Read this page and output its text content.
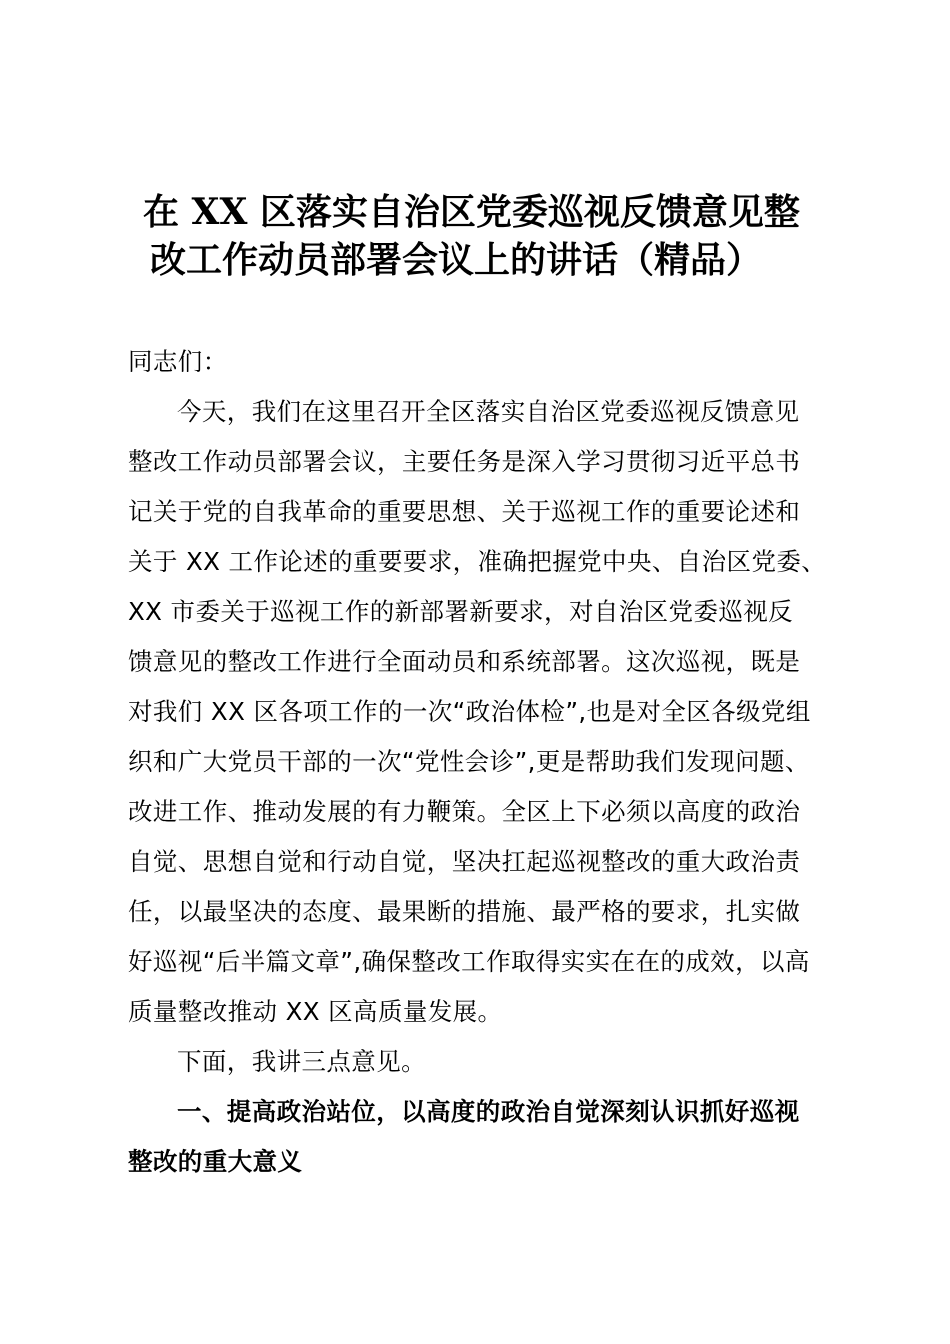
在 XX 区落实自治区党委巡视反馈意见整
改工作动员部署会议上的讲话（精品）
同志们：
今天，我们在这里召开全区落实自治区党委巡视反馈意见
整改工作动员部署会议，主要任务是深入学习贯彻习近平总书
记关于党的自我革命的重要思想、关于巡视工作的重要论述和
关于 XX 工作论述的重要要求，准确把握党中央、自治区党委、
XX 市委关于巡视工作的新部署新要求，对自治区党委巡视反
馈意见的整改工作进行全面动员和系统部署。这次巡视，既是
对我们 XX 区各项工作的一次“政治体检”,也是对全区各级党组
织和广大党员干部的一次“党性会诊”,更是帮助我们发现问题、
改进工作、推动发展的有力鞭策。全区上下必须以高度的政治
自觉、思想自觉和行动自觉，坚决扛起巡视整改的重大政治责
任，以最坚决的态度、最果断的措施、最严格的要求，扎实做
好巡视“后半篇文章”,确保整改工作取得实实在在的成效，以高
质量整改推动 XX 区高质量发展。
下面，我讲三点意见。
一、提高政治站位，以高度的政治自觉深刻认识抓好巡视
整改的重大意义
